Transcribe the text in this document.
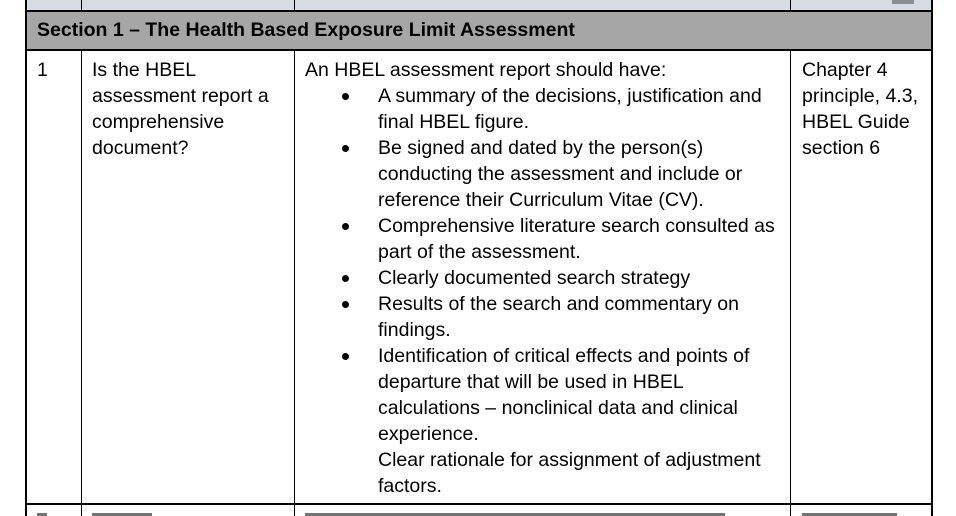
Section 1 – The Health Based Exposure Limit Assessment
1 Is the HBEL assessment report a comprehensive document?
An HBEL assessment report should have:
A summary of the decisions, justification and final HBEL figure.
Be signed and dated by the person(s) conducting the assessment and include or reference their Curriculum Vitae (CV).
Comprehensive literature search consulted as part of the assessment.
Clearly documented search strategy
Results of the search and commentary on findings.
Identification of critical effects and points of departure that will be used in HBEL calculations – nonclinical data and clinical experience.
Clear rationale for assignment of adjustment factors.
Chapter 4 principle, 4.3, HBEL Guide section 6
